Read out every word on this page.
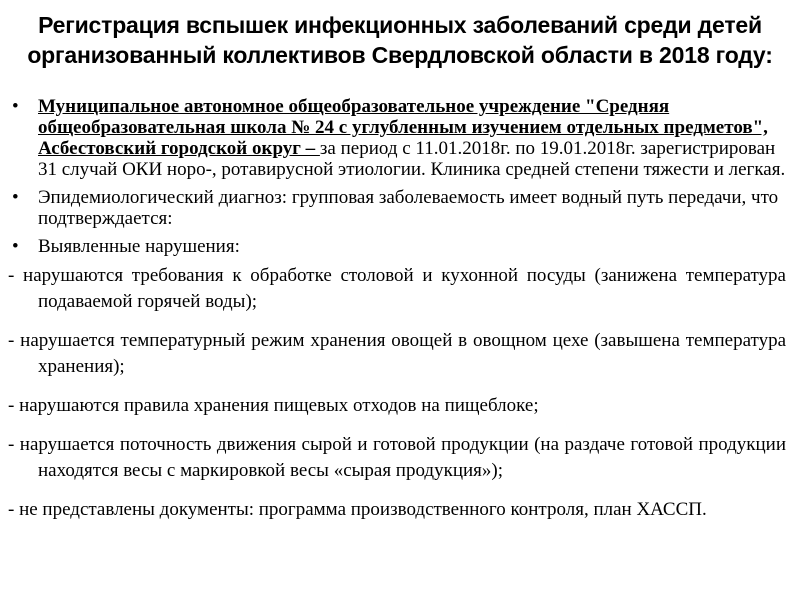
Регистрация вспышек инфекционных заболеваний среди детей организованный коллективов Свердловской области в 2018 году:
•	Муниципальное автономное общеобразовательное учреждение "Средняя общеобразовательная школа № 24 с углубленным изучением отдельных предметов", Асбестовский городской округ – за период с 11.01.2018г. по 19.01.2018г. зарегистрирован 31 случай ОКИ норо-, ротавирусной этиологии. Клиника средней степени тяжести и легкая.
•	Эпидемиологический диагноз: групповая заболеваемость имеет водный путь передачи, что подтверждается:
•	Выявленные нарушения:
- нарушаются требования к обработке столовой и кухонной посуды (занижена температура подаваемой горячей воды);
- нарушается температурный режим хранения овощей в овощном цехе (завышена температура хранения);
- нарушаются правила хранения пищевых отходов на пищеблоке;
- нарушается поточность движения сырой и готовой продукции (на раздаче готовой продукции находятся весы с маркировкой весы «сырая продукция»);
- не представлены документы: программа производственного контроля, план ХАССП.
